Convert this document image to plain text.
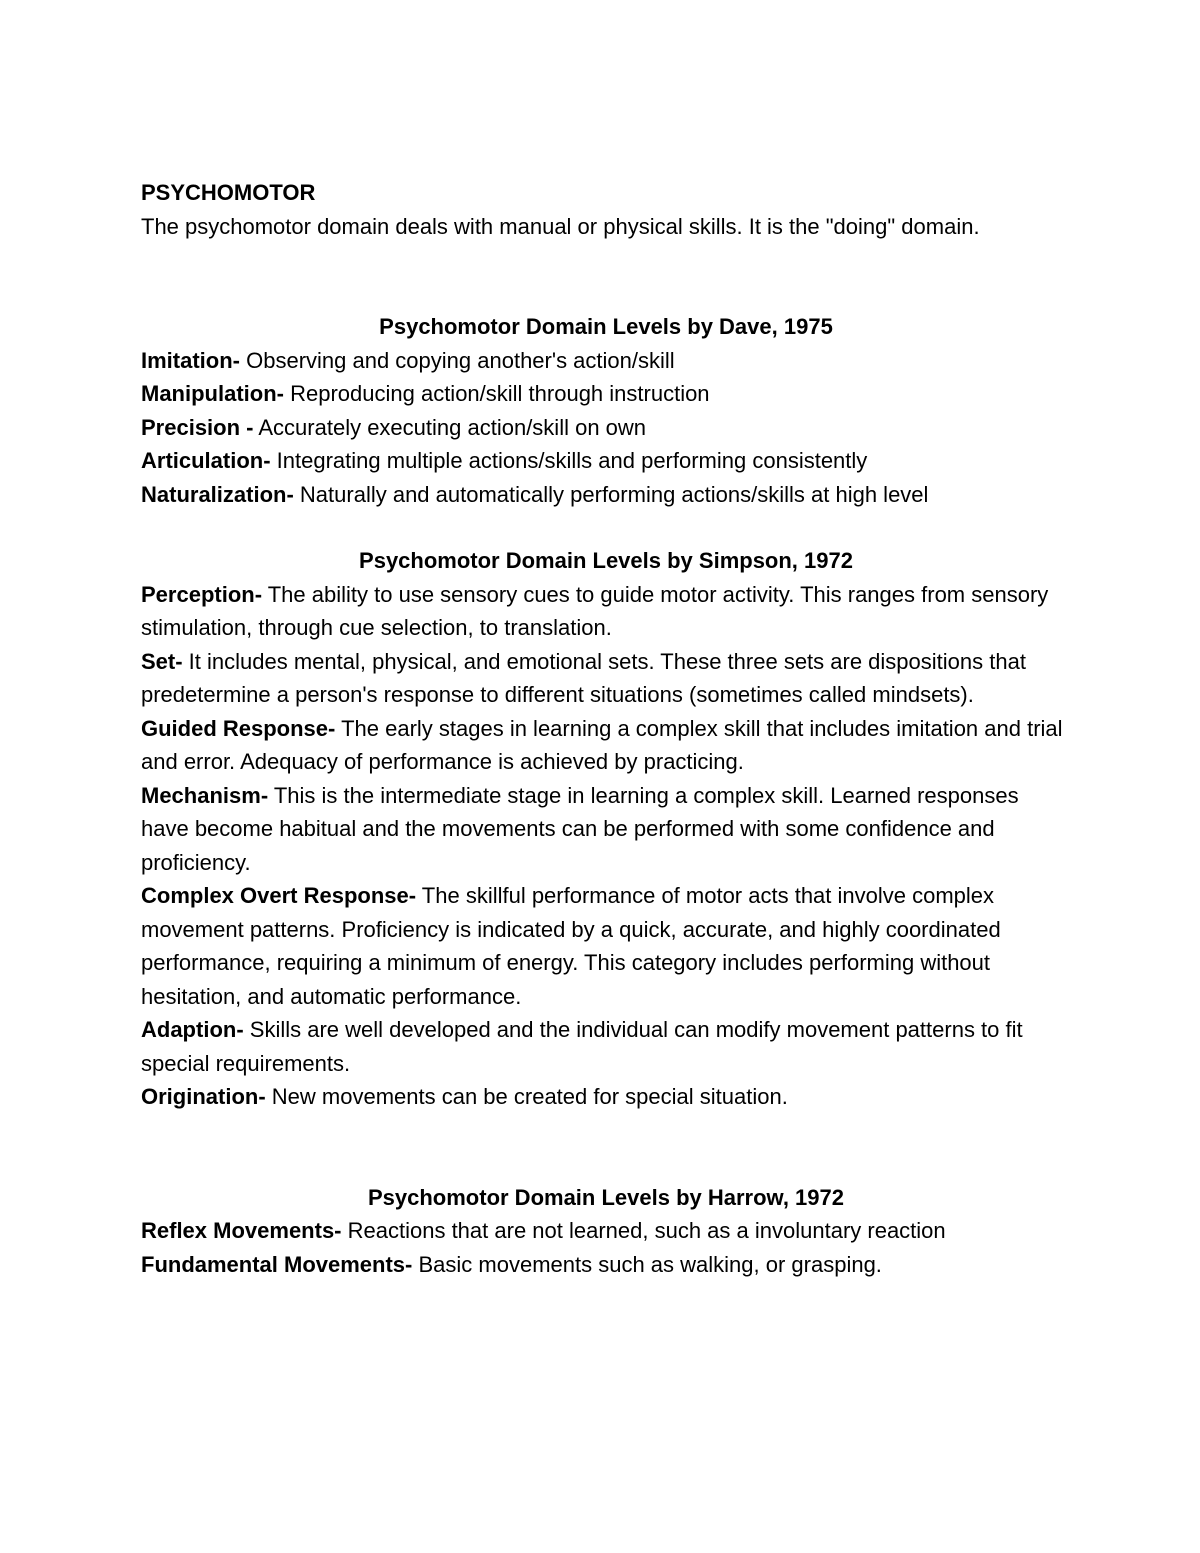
PSYCHOMOTOR

The psychomotor domain deals with manual or physical skills. It is the "doing" domain.

Psychomotor Domain Levels by Dave, 1975

Imitation- Observing and copying another's action/skill

Manipulation- Reproducing action/skill through instruction

Precision - Accurately executing action/skill on own

Articulation- Integrating multiple actions/skills and performing consistently

Naturalization- Naturally and automatically performing actions/skills at high level

Psychomotor Domain Levels by Simpson, 1972

Perception- The ability to use sensory cues to guide motor activity. This ranges from sensory stimulation, through cue selection, to translation.

Set- It includes mental, physical, and emotional sets. These three sets are dispositions that predetermine a person's response to different situations (sometimes called mindsets).

Guided Response- The early stages in learning a complex skill that includes imitation and trial and error. Adequacy of performance is achieved by practicing.

Mechanism- This is the intermediate stage in learning a complex skill. Learned responses have become habitual and the movements can be performed with some confidence and proficiency.

Complex Overt Response- The skillful performance of motor acts that involve complex movement patterns. Proficiency is indicated by a quick, accurate, and highly coordinated performance, requiring a minimum of energy. This category includes performing without hesitation, and automatic performance.

Adaption- Skills are well developed and the individual can modify movement patterns to fit special requirements.

Origination- New movements can be created for special situation.

Psychomotor Domain Levels by Harrow, 1972

Reflex Movements- Reactions that are not learned, such as a involuntary reaction

Fundamental Movements- Basic movements such as walking, or grasping.
